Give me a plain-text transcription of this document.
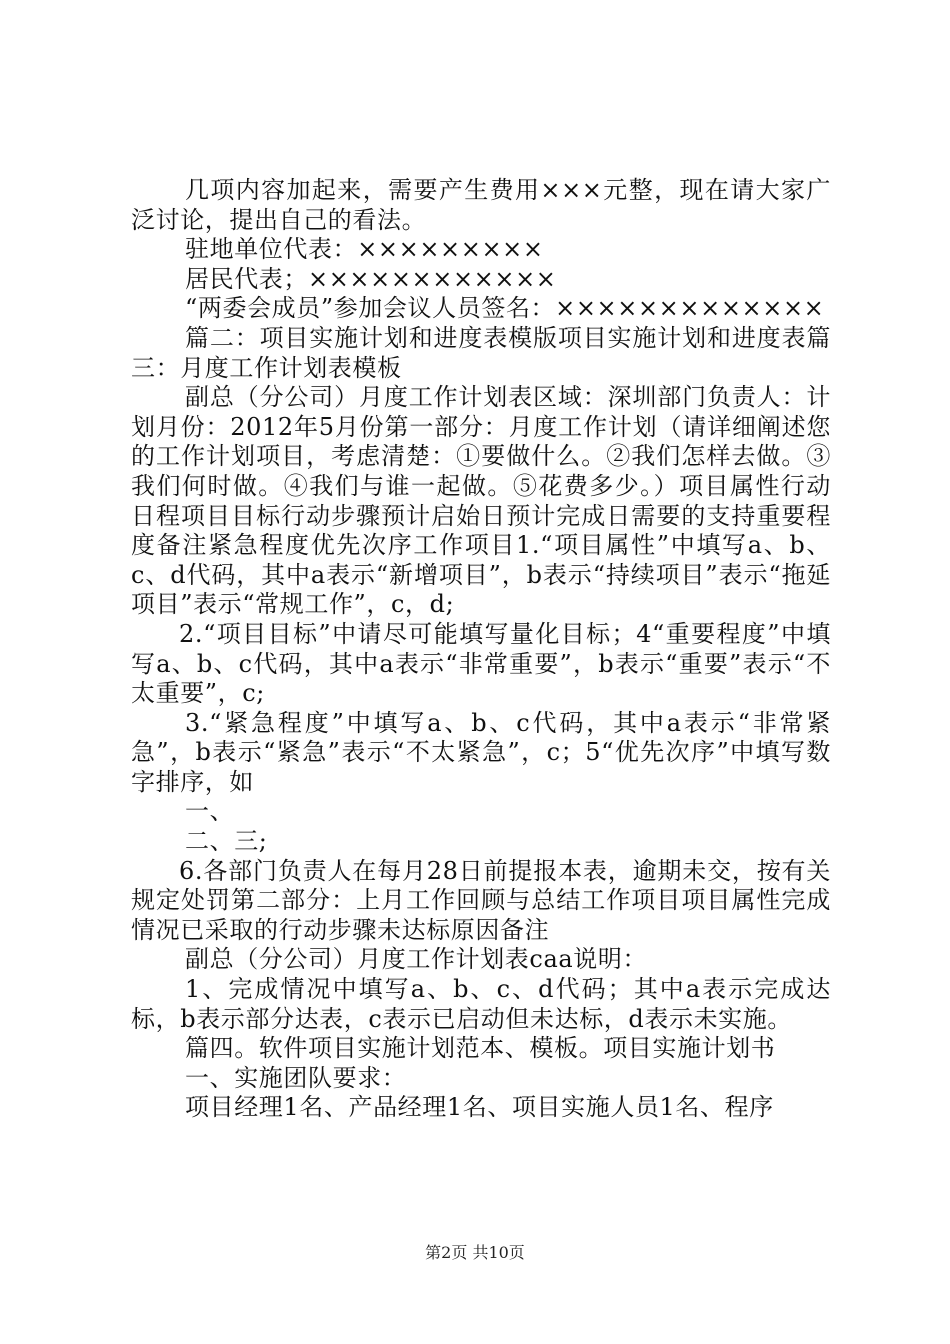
几项内容加起来，需要产生费用×××元整，现在请大家广泛讨论，提出自己的看法。

驻地单位代表：×××××××××

居民代表；××××××××××××

“两委会成员”参加会议人员签名：×××××××××××××

篇二：项目实施计划和进度表模版项目实施计划和进度表篇三：月度工作计划表模板

副总（分公司）月度工作计划表区域：深圳部门负责人：计划月份：2012年5月份第一部分：月度工作计划（请详细阐述您的工作计划项目，考虑清楚：①要做什么。②我们怎样去做。③我们何时做。④我们与谁一起做。⑤花费多少。）项目属性行动日程项目目标行动步骤预计启始日预计完成日需要的支持重要程度备注紧急程度优先次序工作项目1.“项目属性”中填写a、b、c、d代码，其中a表示“新增项目”，b表示“持续项目”表示“拖延项目”表示“常规工作”，c，d;

2.“项目目标”中请尽可能填写量化目标；4“重要程度”中填写a、b、c代码，其中a表示“非常重要”，b表示“重要”表示“不太重要”，c;

3.“紧急程度”中填写a、b、c代码，其中a表示“非常紧急”，b表示“紧急”表示“不太紧急”，c；5“优先次序”中填写数字排序，如

一、

二、三;

6.各部门负责人在每月28日前提报本表，逾期未交，按有关规定处罚第二部分：上月工作回顾与总结工作项目项目属性完成情况已采取的行动步骤未达标原因备注

副总（分公司）月度工作计划表caa说明：

1、完成情况中填写a、b、c、d代码；其中a表示完成达标，b表示部分达表，c表示已启动但未达标，d表示未实施。

篇四。软件项目实施计划范本、模板。项目实施计划书

一、实施团队要求：

项目经理1名、产品经理1名、项目实施人员1名、程序

第2页 共10页
